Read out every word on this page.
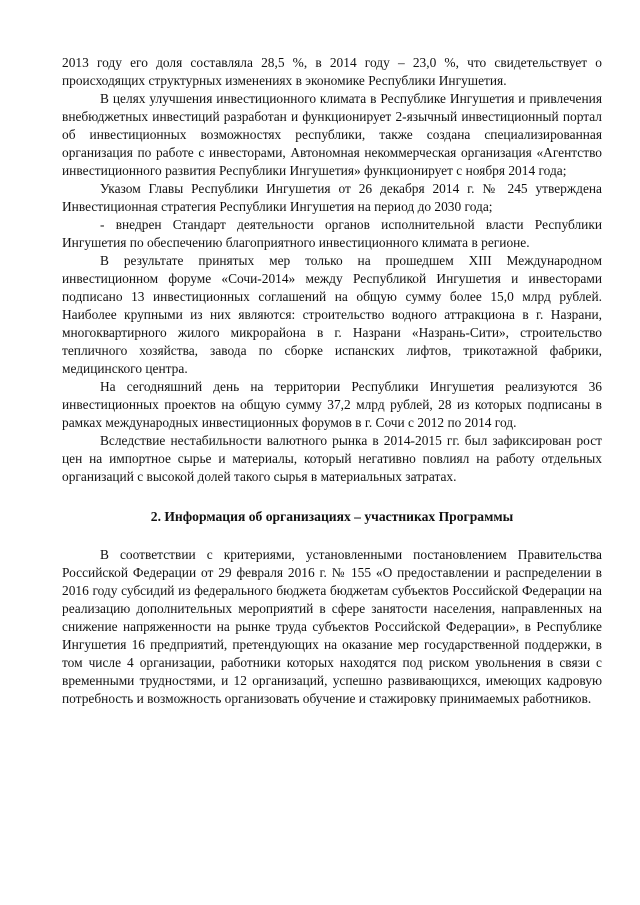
2013 году его доля составляла 28,5 %, в 2014 году – 23,0 %, что свидетельствует о происходящих структурных изменениях в экономике Республики Ингушетия.

В целях улучшения инвестиционного климата в Республике Ингушетия и привлечения внебюджетных инвестиций разработан и функционирует 2-язычный инвестиционный портал об инвестиционных возможностях республики, также создана специализированная организация по работе с инвесторами, Автономная некоммерческая организация «Агентство инвестиционного развития Республики Ингушетия» функционирует с ноября 2014 года;

Указом Главы Республики Ингушетия от 26 декабря 2014 г. № 245 утверждена Инвестиционная стратегия Республики Ингушетия на период до 2030 года;

- внедрен Стандарт деятельности органов исполнительной власти Республики Ингушетия по обеспечению благоприятного инвестиционного климата в регионе.

В результате принятых мер только на прошедшем XIII Международном инвестиционном форуме «Сочи-2014» между Республикой Ингушетия и инвесторами подписано 13 инвестиционных соглашений на общую сумму более 15,0 млрд рублей. Наиболее крупными из них являются: строительство водного аттракциона в г. Назрани, многоквартирного жилого микрорайона в г. Назрани «Назрань-Сити», строительство тепличного хозяйства, завода по сборке испанских лифтов, трикотажной фабрики, медицинского центра.

На сегодняшний день на территории Республики Ингушетия реализуются 36 инвестиционных проектов на общую сумму 37,2 млрд рублей, 28 из которых подписаны в рамках международных инвестиционных форумов в г. Сочи с 2012 по 2014 год.

Вследствие нестабильности валютного рынка в 2014-2015 гг. был зафиксирован рост цен на импортное сырье и материалы, который негативно повлиял на работу отдельных организаций с высокой долей такого сырья в материальных затратах.

2. Информация об организациях – участниках Программы

В соответствии с критериями, установленными постановлением Правительства Российской Федерации от 29 февраля 2016 г. № 155 «О предоставлении и распределении в 2016 году субсидий из федерального бюджета бюджетам субъектов Российской Федерации на реализацию дополнительных мероприятий в сфере занятости населения, направленных на снижение напряженности на рынке труда субъектов Российской Федерации», в Республике Ингушетия 16 предприятий, претендующих на оказание мер государственной поддержки, в том числе 4 организации, работники которых находятся под риском увольнения в связи с временными трудностями, и 12 организаций, успешно развивающихся, имеющих кадровую потребность и возможность организовать обучение и стажировку принимаемых работников.
